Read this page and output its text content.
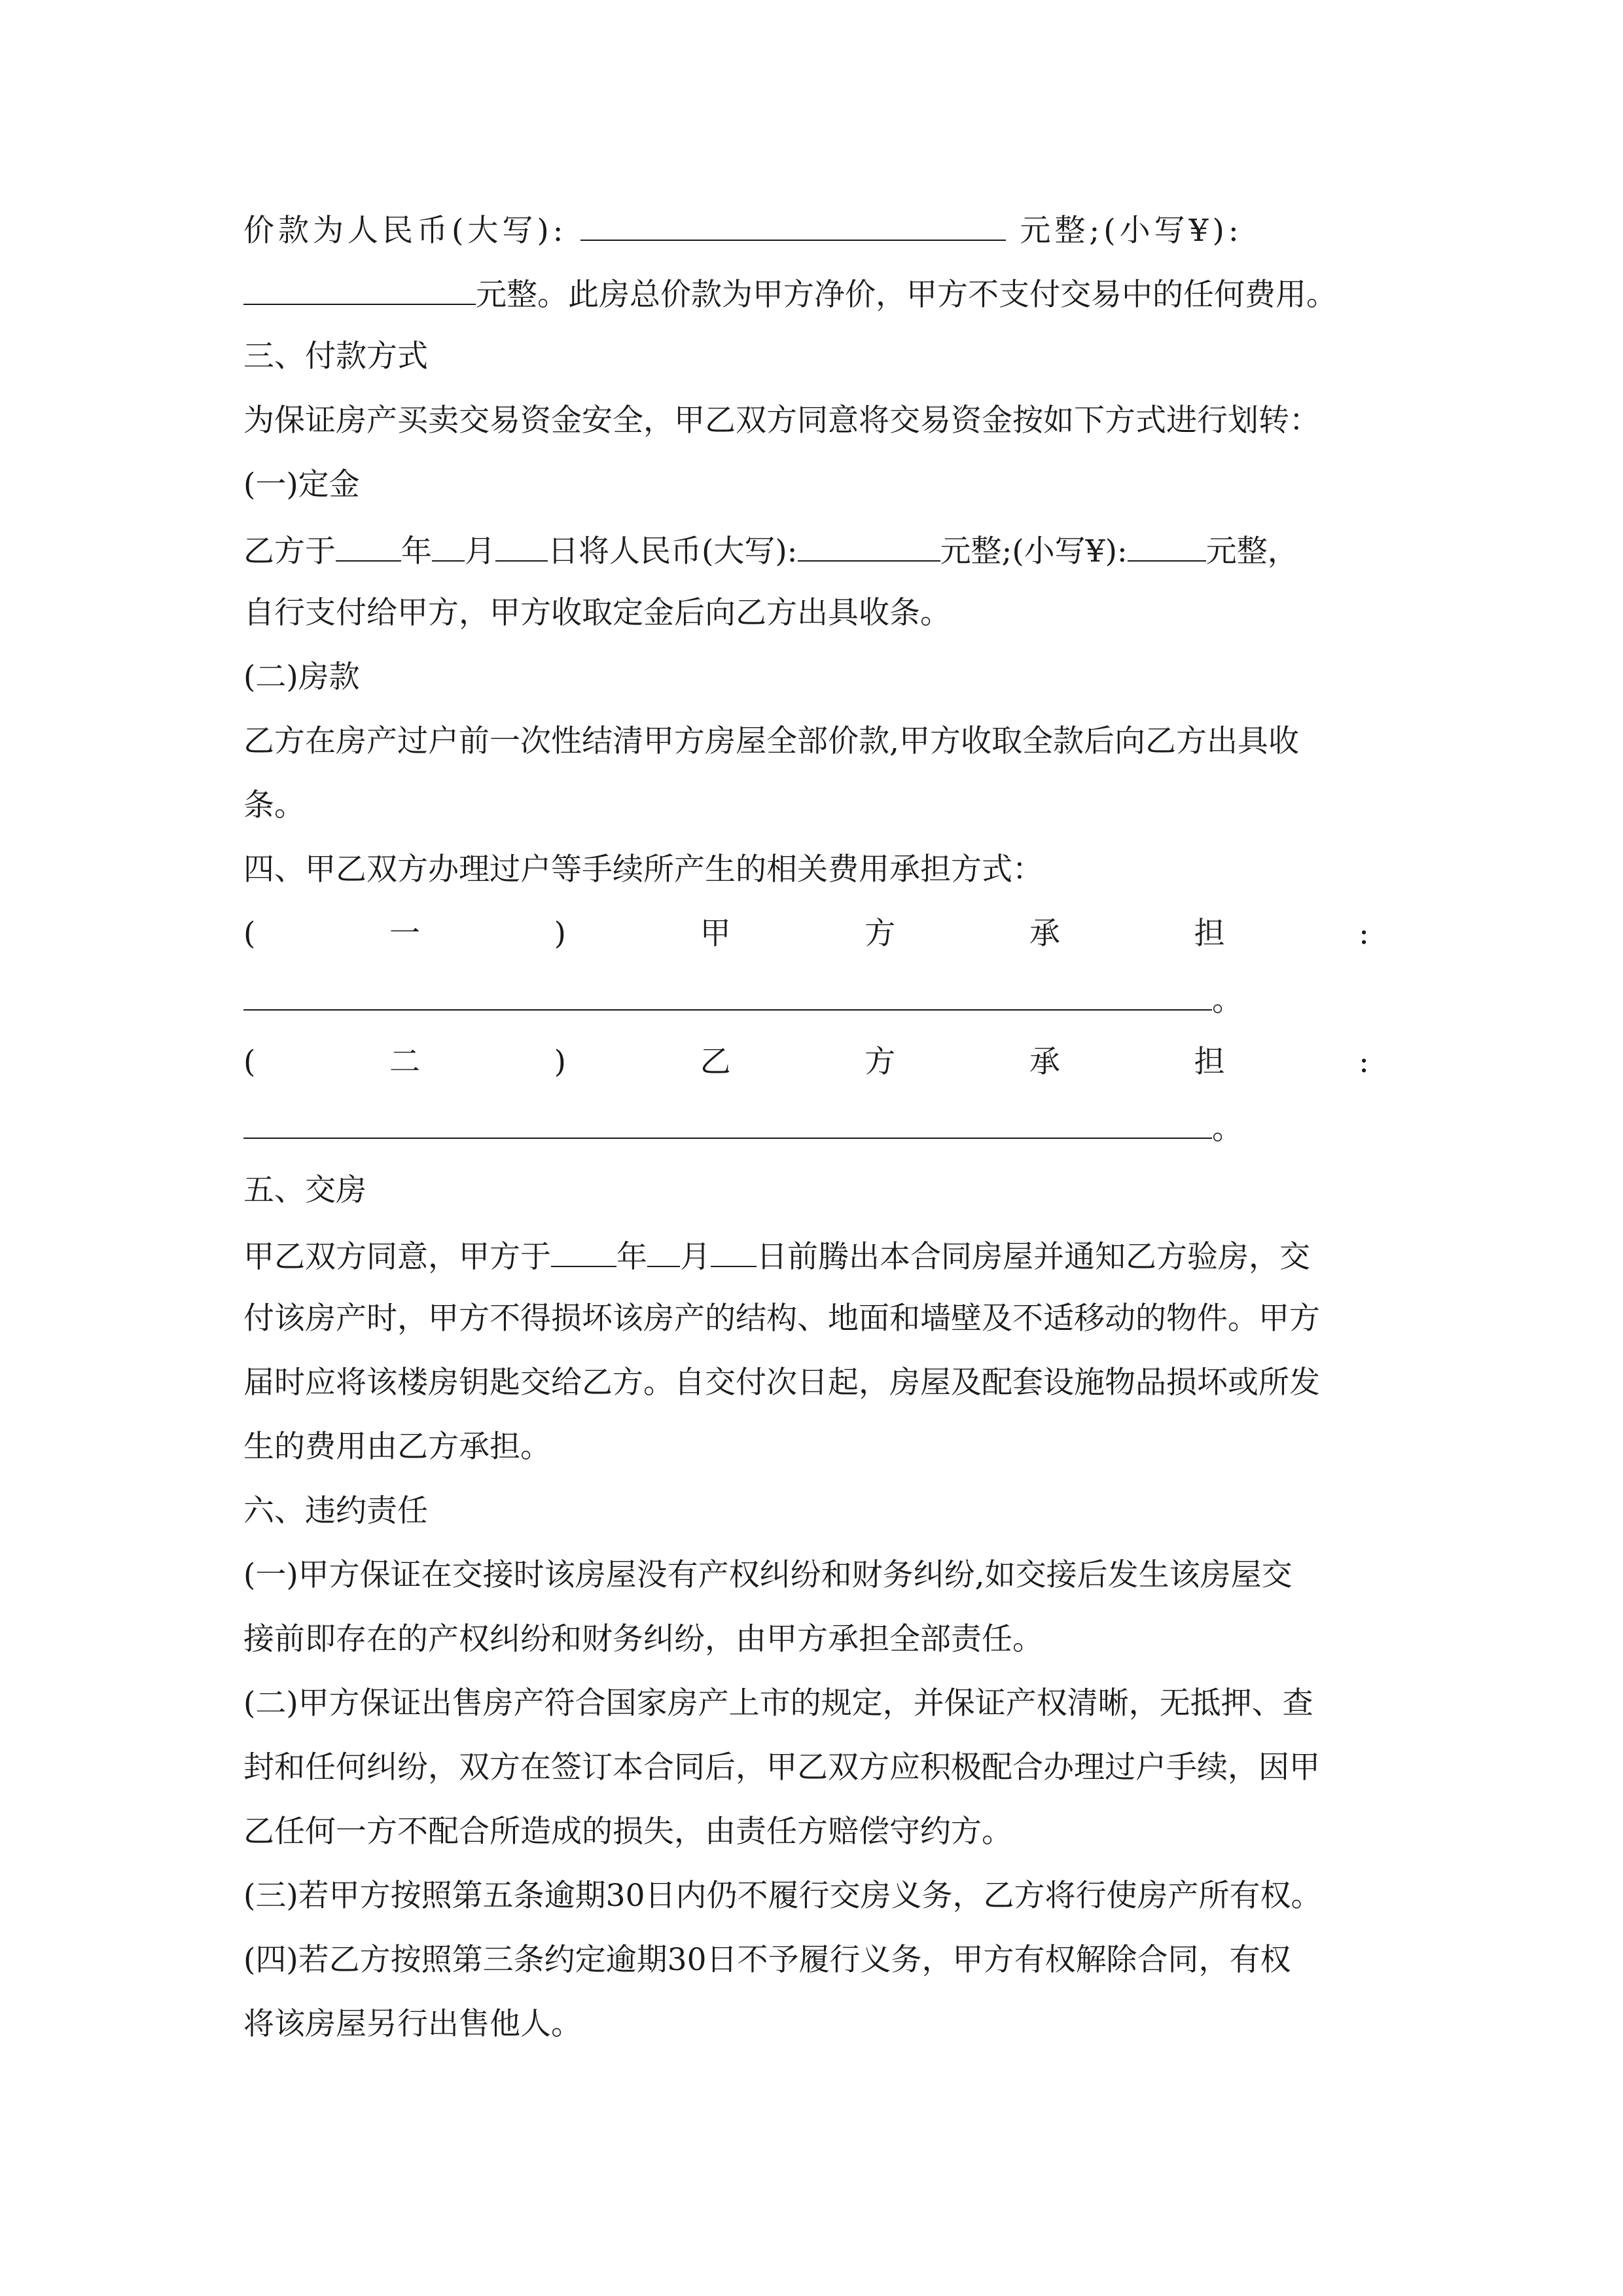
价款为人民币(大写):	元整;(小写¥):
元整。此房总价款为甲方净价，甲方不支付交易中的任何费用。
三、付款方式
为保证房产买卖交易资金安全，甲乙双方同意将交易资金按如下方式进行划转：
(一)定金
乙方于 年 月 日将人民币(大写):	元整;(小写¥):	元整，
自行支付给甲方，甲方收取定金后向乙方出具收条。
(二)房款
乙方在房产过户前一次性结清甲方房屋全部价款,甲方收取全款后向乙方出具收
条。
四、甲乙双方办理过户等手续所产生的相关费用承担方式：
(	一	)	甲	方	承	担	:
。
(	二	)	乙	方	承	担	:
。
五、交房
甲乙双方同意，甲方于 年 月 日前腾出本合同房屋并通知乙方验房，交
付该房产时，甲方不得损坏该房产的结构、地面和墙壁及不适移动的物件。甲方
届时应将该楼房钥匙交给乙方。自交付次日起，房屋及配套设施物品损坏或所发
生的费用由乙方承担。
六、违约责任
(一)甲方保证在交接时该房屋没有产权纠纷和财务纠纷,如交接后发生该房屋交
接前即存在的产权纠纷和财务纠纷，由甲方承担全部责任。
(二)甲方保证出售房产符合国家房产上市的规定，并保证产权清晰，无抵押、查
封和任何纠纷，双方在签订本合同后，甲乙双方应积极配合办理过户手续，因甲
乙任何一方不配合所造成的损失，由责任方赔偿守约方。
(三)若甲方按照第五条逾期30日内仍不履行交房义务，乙方将行使房产所有权。
(四)若乙方按照第三条约定逾期30日不予履行义务，甲方有权解除合同，有权
将该房屋另行出售他人。
